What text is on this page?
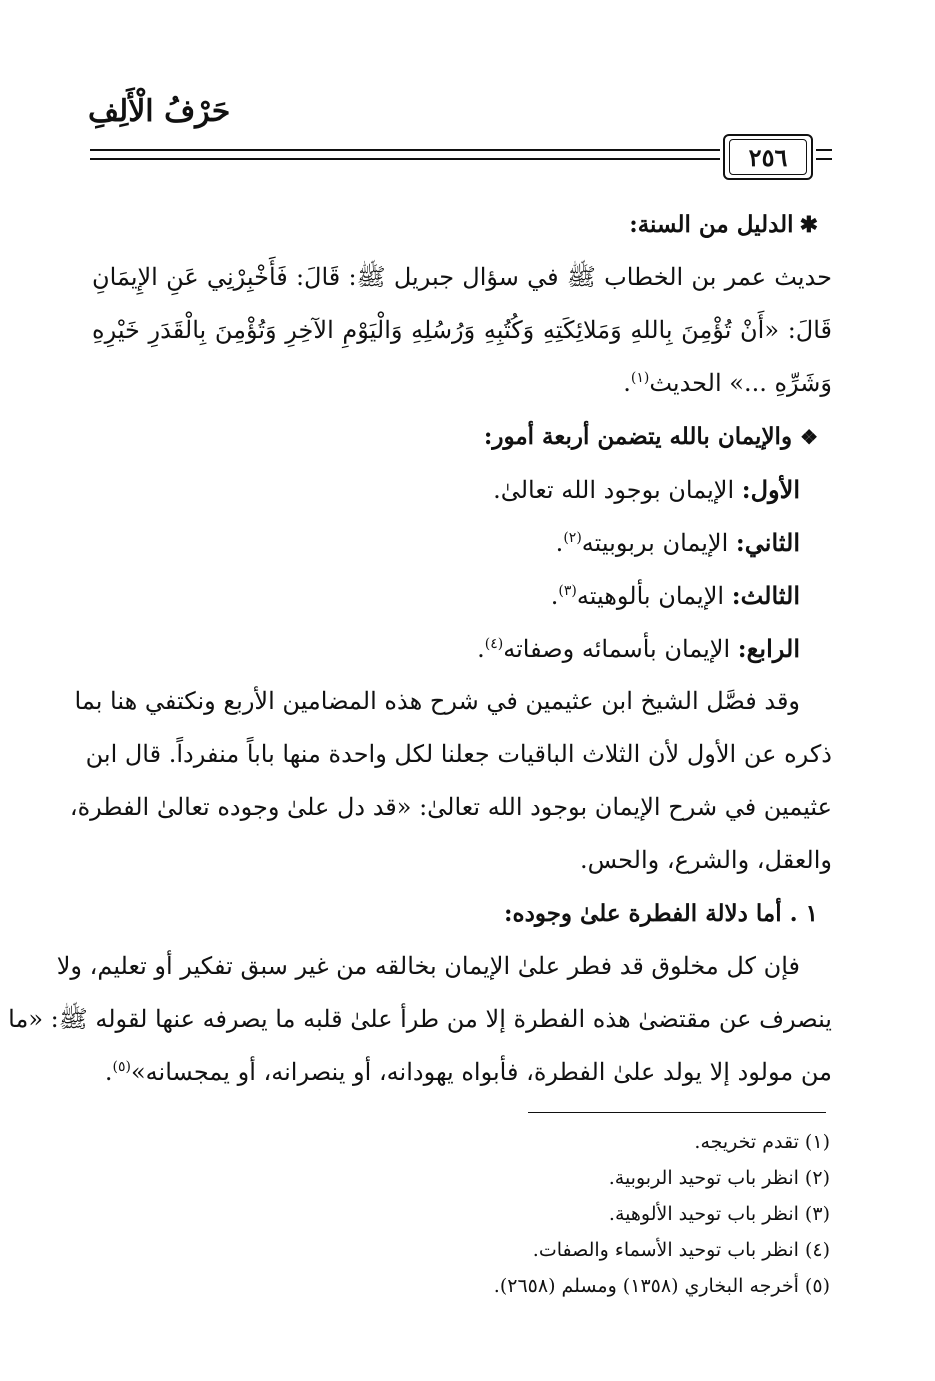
حَرْفُ الْأَلِفِ
٢٥٦
✱الدليل من السنة:
حديث عمر بن الخطاب ﷺ في سؤال جبريل ﷺ: قَالَ: فَأَخْبِرْنِي عَنِ الإِيمَانِ
قَالَ: «أَنْ تُؤْمِنَ بِاللهِ وَمَلائِكَتِهِ وَكُتُبِهِ وَرُسُلِهِ وَالْيَوْمِ الآخِرِ وَتُؤْمِنَ بِالْقَدَرِ خَيْرِهِ
وَشَرِّهِ ...» الحديث$^{(١)}$.
❖والإيمان بالله يتضمن أربعة أمور:
الأول: الإيمان بوجود الله تعالىٰ.
الثاني: الإيمان بربوبيته$^{(٢)}$.
الثالث: الإيمان بألوهيته$^{(٣)}$.
الرابع: الإيمان بأسمائه وصفاته$^{(٤)}$.
وقد فصَّل الشيخ ابن عثيمين في شرح هذه المضامين الأربع ونكتفي هنا بما
ذكره عن الأول لأن الثلاث الباقيات جعلنا لكل واحدة منها باباً منفرداً. قال ابن
عثيمين في شرح الإيمان بوجود الله تعالىٰ: «قد دل علىٰ وجوده تعالىٰ الفطرة،
والعقل، والشرع، والحس.
١ . أما دلالة الفطرة علىٰ وجوده:
فإن كل مخلوق قد فطر علىٰ الإيمان بخالقه من غير سبق تفكير أو تعليم، ولا
ينصرف عن مقتضىٰ هذه الفطرة إلا من طرأ علىٰ قلبه ما يصرفه عنها لقوله ﷺ: «ما
من مولود إلا يولد علىٰ الفطرة، فأبواه يهودانه، أو ينصرانه، أو يمجسانه»$^{(٥)}$.
(١) تقدم تخريجه.
(٢) انظر باب توحيد الربوبية.
(٣) انظر باب توحيد الألوهية.
(٤) انظر باب توحيد الأسماء والصفات.
(٥) أخرجه البخاري (١٣٥٨) ومسلم (٢٦٥٨).
